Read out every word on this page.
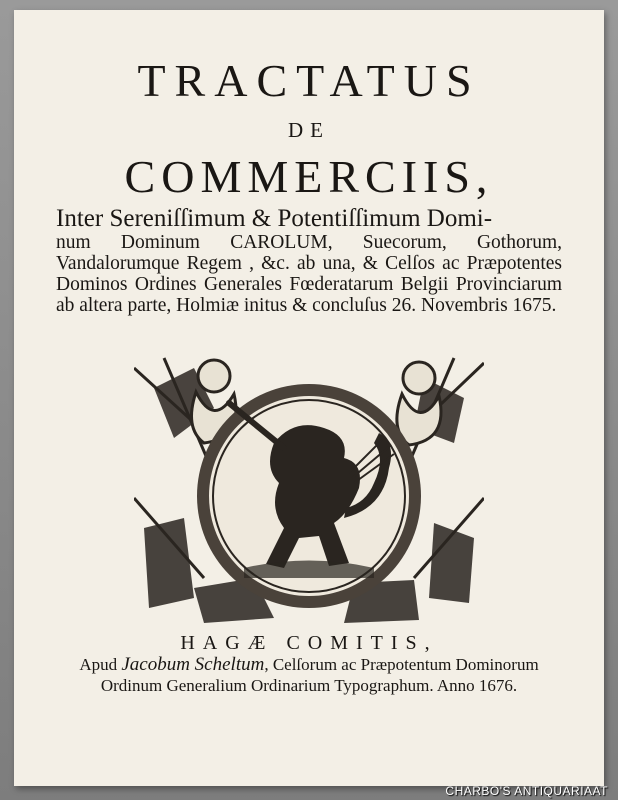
TRACTATUS
DE
COMMERCIIS,

Inter Sereniſſimum & Potentiſſimum Domi-
num Dominum CAROLUM, Suecorum, Gothorum, Vandalorumque Regem , &c. ab una, & Celſos ac Præpotentes Dominos Ordines Generales Fœderatarum Belgii Provinciarum ab altera parte, Holmiæ initus & concluſus 26. Novembris 1675.

HAGÆ COMITIS,
Apud Jacobum Scheltum, Celſorum ac Præpotentum Dominorum Ordinum Generalium Ordinarium Typographum. Anno 1676.

CHARBO'S ANTIQUARIAAT
